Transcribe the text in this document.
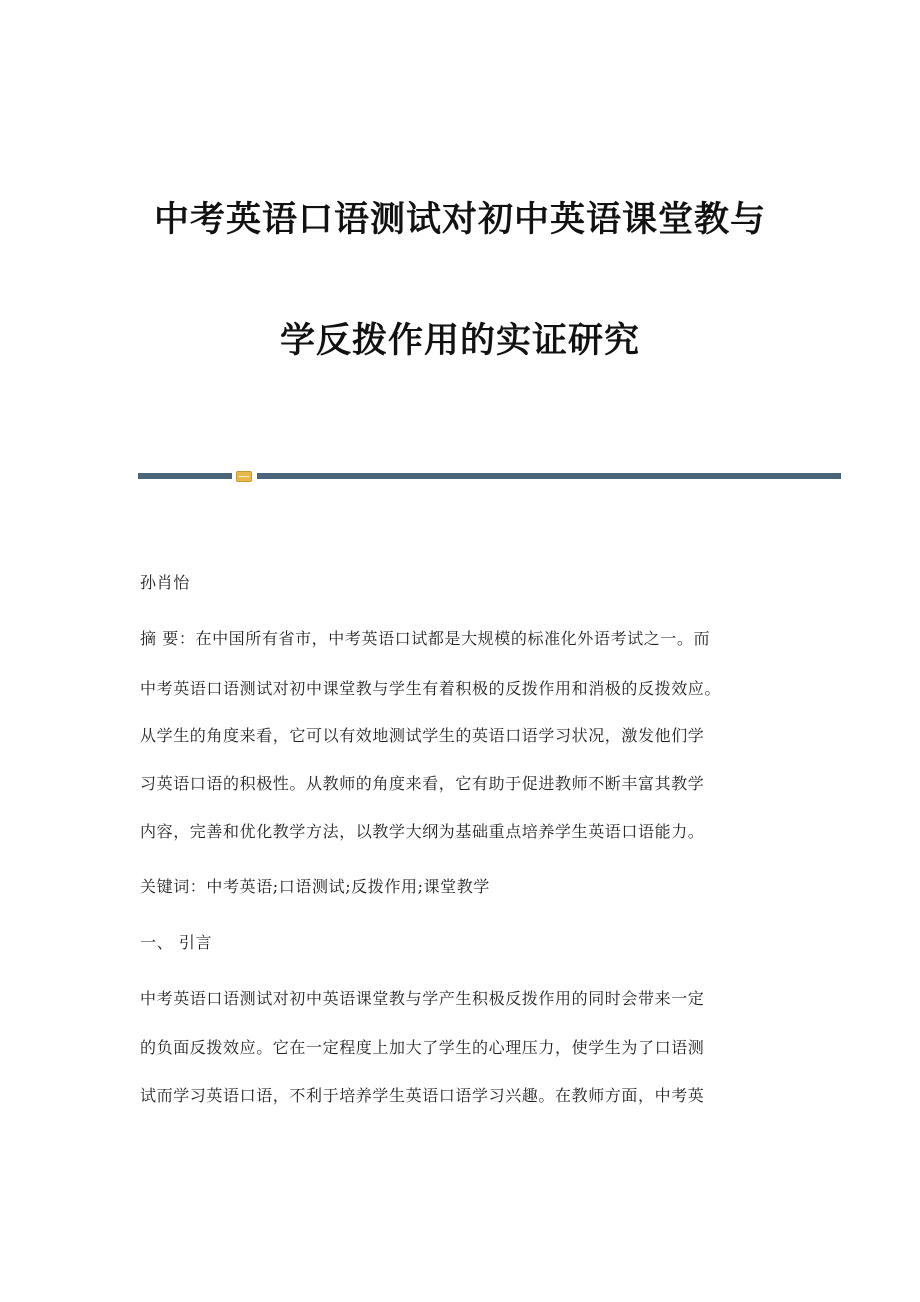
中考英语口语测试对初中英语课堂教与
学反拨作用的实证研究
孙肖怡
摘 要：在中国所有省市，中考英语口试都是大规模的标准化外语考试之一。而
中考英语口语测试对初中课堂教与学生有着积极的反拨作用和消极的反拨效应。
从学生的角度来看，它可以有效地测试学生的英语口语学习状况，激发他们学
习英语口语的积极性。从教师的角度来看，它有助于促进教师不断丰富其教学
内容，完善和优化教学方法，以教学大纲为基础重点培养学生英语口语能力。
关键词：中考英语;口语测试;反拨作用;课堂教学
一、 引言
中考英语口语测试对初中英语课堂教与学产生积极反拨作用的同时会带来一定
的负面反拨效应。它在一定程度上加大了学生的心理压力，使学生为了口语测
试而学习英语口语，不利于培养学生英语口语学习兴趣。在教师方面，中考英
